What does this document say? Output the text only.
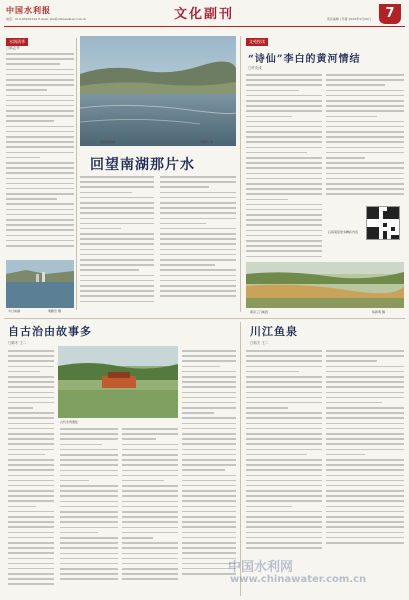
中国水利报
电话：010-63202234 E-mail: zbs@chinawater.com.cn	文化副刊	责任编辑 | 苏蕾 2022年5月26日	7
水润清华
□陈志华
曾经的南湖	周勤忠 摄
回望南湖那片水
今日南湖	周勤忠 摄
文苑悦读
“诗仙”李白的黄河情结
□许友成
扫码阅读更多精彩内容
黄河三门峡段	杨新明 摄
自古治由故事多
□陈冬 王二
古代水利遗址
川江鱼泉
□郭天 王二
中国水利网
www.chinawater.com.cn
